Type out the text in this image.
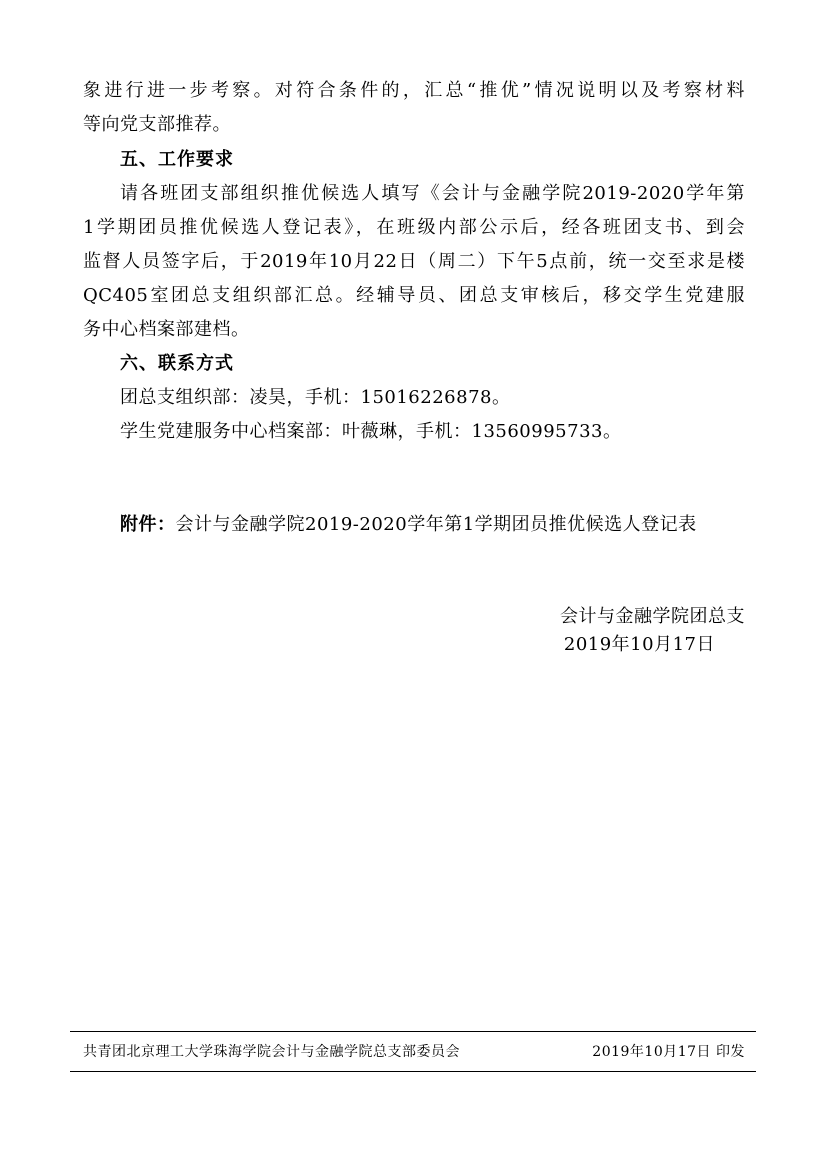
象进行进一步考察。对符合条件的，汇总“推优”情况说明以及考察材料
等向党支部推荐。
五、工作要求
请各班团支部组织推优候选人填写《会计与金融学院2019-2020学年第
1学期团员推优候选人登记表》，在班级内部公示后，经各班团支书、到会
监督人员签字后，于2019年10月22日（周二）下午5点前，统一交至求是楼
QC405室团总支组织部汇总。经辅导员、团总支审核后，移交学生党建服
务中心档案部建档。
六、联系方式
团总支组织部：凌昊，手机：15016226878。
学生党建服务中心档案部：叶薇琳，手机：13560995733。
附件：会计与金融学院2019-2020学年第1学期团员推优候选人登记表
会计与金融学院团总支
2019年10月17日
共青团北京理工大学珠海学院会计与金融学院总支部委员会	2019年10月17日 印发
